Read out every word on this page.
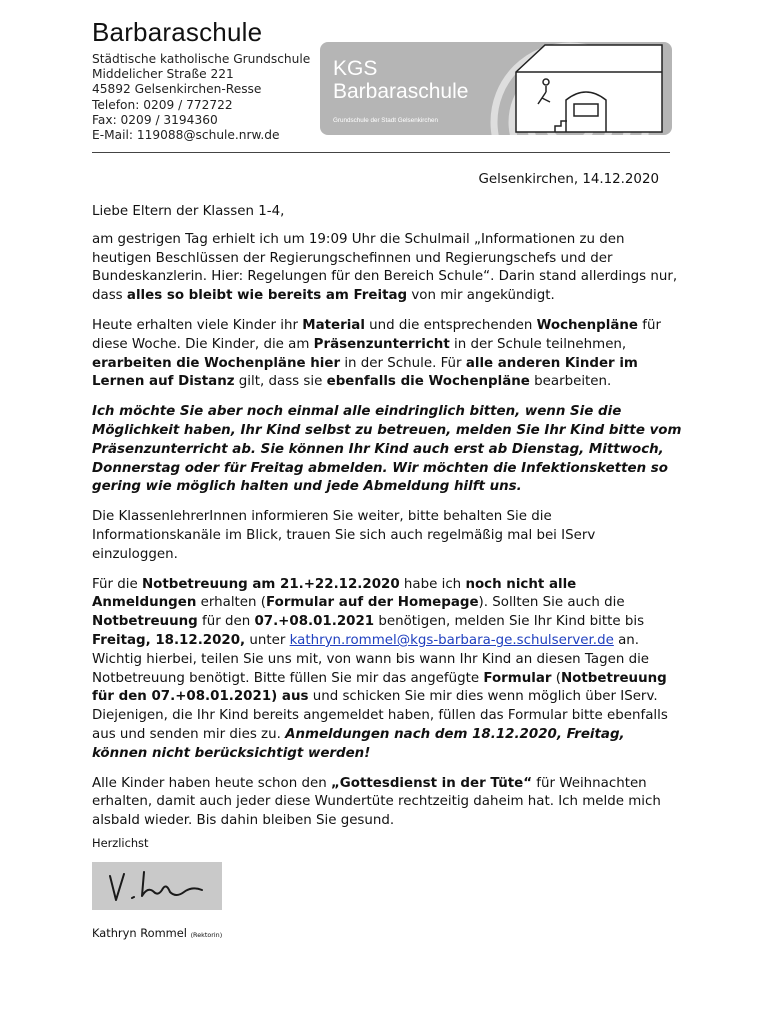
Barbaraschule
Städtische katholische Grundschule
Middelicher Straße 221
45892 Gelsenkirchen-Resse
Telefon: 0209 / 772722
Fax: 0209 / 3194360
E-Mail: 119088@schule.nrw.de
KGS
Barbaraschule
Grundschule der Stadt Gelsenkirchen
Gelsenkirchen, 14.12.2020

Liebe Eltern der Klassen 1-4,

am gestrigen Tag erhielt ich um 19:09 Uhr die Schulmail „Informationen zu den heutigen Beschlüssen der Regierungschefinnen und Regierungschefs und der Bundeskanzlerin. Hier: Regelungen für den Bereich Schule“. Darin stand allerdings nur, dass alles so bleibt wie bereits am Freitag von mir angekündigt.

Heute erhalten viele Kinder ihr Material und die entsprechenden Wochenpläne für diese Woche. Die Kinder, die am Präsenzunterricht in der Schule teilnehmen, erarbeiten die Wochenpläne hier in der Schule. Für alle anderen Kinder im Lernen auf Distanz gilt, dass sie ebenfalls die Wochenpläne bearbeiten.

Ich möchte Sie aber noch einmal alle eindringlich bitten, wenn Sie die Möglichkeit haben, Ihr Kind selbst zu betreuen, melden Sie Ihr Kind bitte vom Präsenzunterricht ab. Sie können Ihr Kind auch erst ab Dienstag, Mittwoch, Donnerstag oder für Freitag abmelden. Wir möchten die Infektionsketten so gering wie möglich halten und jede Abmeldung hilft uns.

Die KlassenlehrerInnen informieren Sie weiter, bitte behalten Sie die Informationskanäle im Blick, trauen Sie sich auch regelmäßig mal bei IServ einzuloggen.

Für die Notbetreuung am 21.+22.12.2020 habe ich noch nicht alle Anmeldungen erhalten (Formular auf der Homepage). Sollten Sie auch die Notbetreuung für den 07.+08.01.2021 benötigen, melden Sie Ihr Kind bitte bis Freitag, 18.12.2020, unter kathryn.rommel@kgs-barbara-ge.schulserver.de an. Wichtig hierbei, teilen Sie uns mit, von wann bis wann Ihr Kind an diesen Tagen die Notbetreuung benötigt. Bitte füllen Sie mir das angefügte Formular (Notbetreuung für den 07.+08.01.2021) aus und schicken Sie mir dies wenn möglich über IServ. Diejenigen, die Ihr Kind bereits angemeldet haben, füllen das Formular bitte ebenfalls aus und senden mir dies zu. Anmeldungen nach dem 18.12.2020, Freitag, können nicht berücksichtigt werden!

Alle Kinder haben heute schon den „Gottesdienst in der Tüte“ für Weihnachten erhalten, damit auch jeder diese Wundertüte rechtzeitig daheim hat. Ich melde mich alsbald wieder. Bis dahin bleiben Sie gesund.

Herzlichst
Kathryn Rommel (Rektorin)
